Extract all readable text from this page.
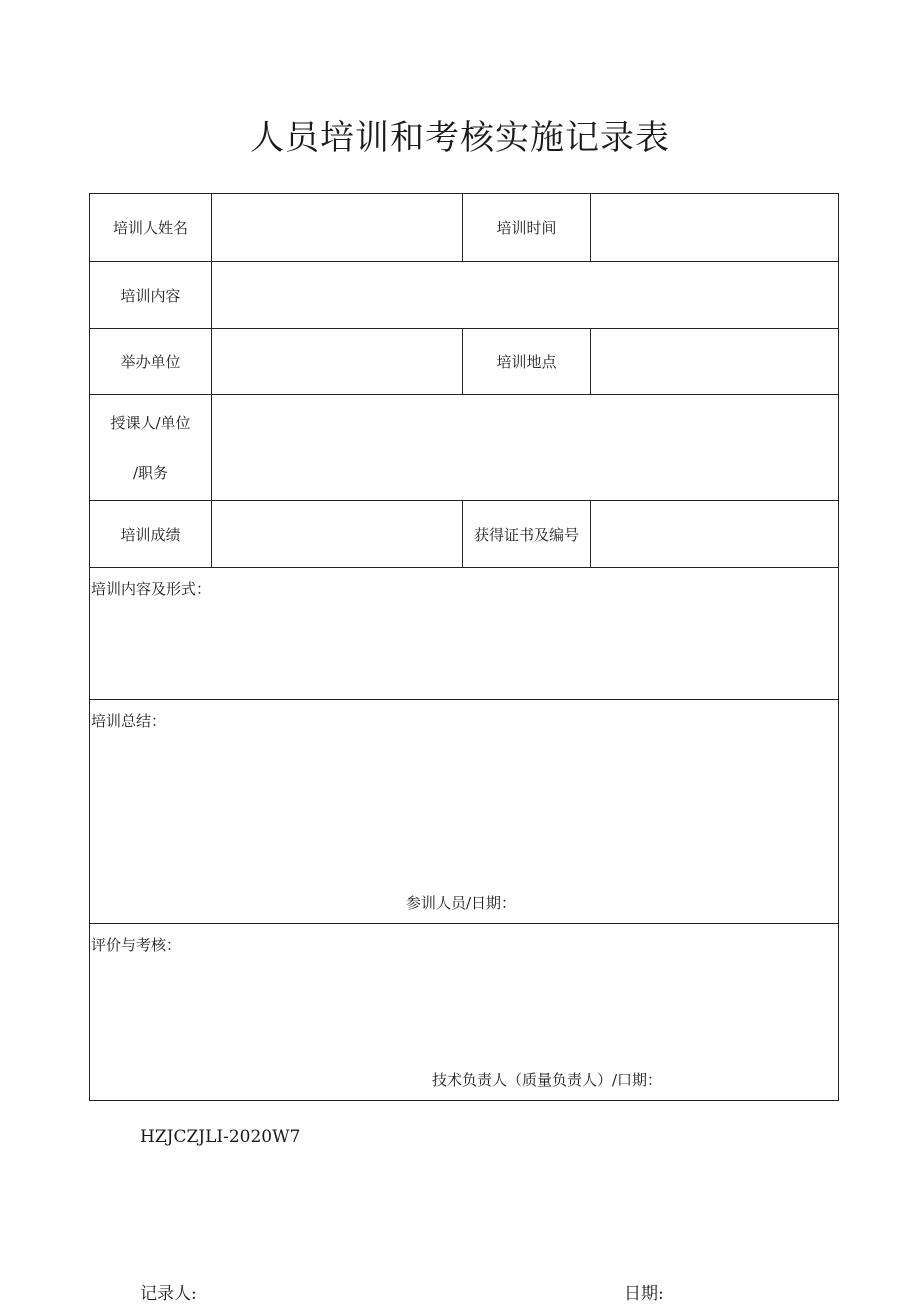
人员培训和考核实施记录表
培训人姓名		培训时间	
培训内容			
举办单位		培训地点	

授课人/单位
/职务			

培训成绩		获得证书及编号	

培训内容及形式：			

培训总结：
参训人员/日期：			

评价与考核：
技术负责人（质量负责人）/口期：			
HZJCZJLI-2020W7
记录人:	日期:
